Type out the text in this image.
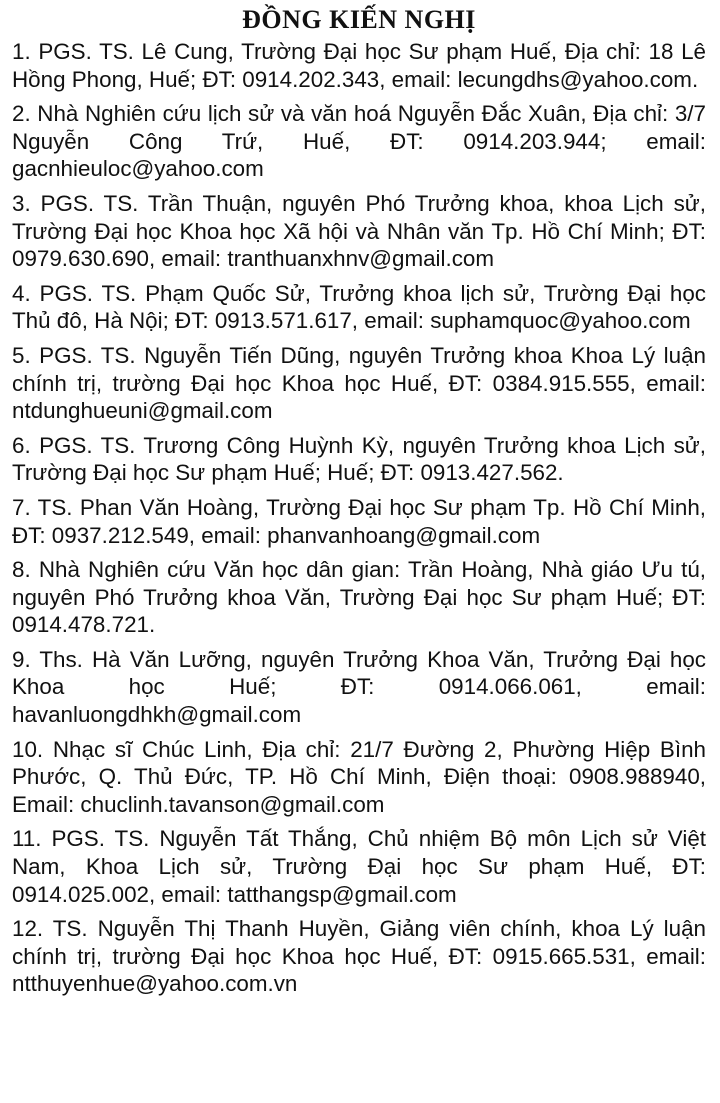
ĐỒNG KIẾN NGHỊ
1. PGS. TS. Lê Cung, Trường Đại học Sư phạm Huế, Địa chỉ: 18 Lê Hồng Phong, Huế; ĐT: 0914.202.343, email: lecungdhs@yahoo.com.
2. Nhà Nghiên cứu lịch sử và văn hoá Nguyễn Đắc Xuân, Địa chỉ: 3/7 Nguyễn Công Trứ, Huế, ĐT: 0914.203.944; email: gacnhieuloc@yahoo.com
3. PGS. TS. Trần Thuận, nguyên Phó Trưởng khoa, khoa Lịch sử, Trường Đại học Khoa học Xã hội và Nhân văn Tp. Hồ Chí Minh; ĐT: 0979.630.690, email: tranthuanxhnv@gmail.com
4. PGS. TS. Phạm Quốc Sử, Trưởng khoa lịch sử, Trường Đại học Thủ đô, Hà Nội; ĐT: 0913.571.617, email: suphamquoc@yahoo.com
5. PGS. TS. Nguyễn Tiến Dũng, nguyên Trưởng khoa Khoa Lý luận chính trị, trường Đại học Khoa học Huế, ĐT: 0384.915.555, email: ntdunghueuni@gmail.com
6. PGS. TS. Trương Công Huỳnh Kỳ, nguyên Trưởng khoa Lịch sử, Trường Đại học Sư phạm Huế; Huế; ĐT: 0913.427.562.
7. TS. Phan Văn Hoàng, Trường Đại học Sư phạm Tp. Hồ Chí Minh, ĐT: 0937.212.549, email: phanvanhoang@gmail.com
8. Nhà Nghiên cứu Văn học dân gian: Trần Hoàng, Nhà giáo Ưu tú, nguyên Phó Trưởng khoa Văn, Trường Đại học Sư phạm Huế; ĐT: 0914.478.721.
9. Ths. Hà Văn Lưỡng, nguyên Trưởng Khoa Văn, Trưởng Đại học Khoa học Huế; ĐT: 0914.066.061, email: havanluongdhkh@gmail.com
10. Nhạc sĩ Chúc Linh, Địa chỉ: 21/7 Đường 2, Phường Hiệp Bình Phước, Q. Thủ Đức, TP. Hồ Chí Minh, Điện thoại: 0908.988940, Email: chuclinh.tavanson@gmail.com
11. PGS. TS. Nguyễn Tất Thắng, Chủ nhiệm Bộ môn Lịch sử Việt Nam, Khoa Lịch sử, Trường Đại học Sư phạm Huế, ĐT: 0914.025.002, email: tatthangsp@gmail.com
12. TS. Nguyễn Thị Thanh Huyền, Giảng viên chính, khoa Lý luận chính trị, trường Đại học Khoa học Huế, ĐT: 0915.665.531, email: ntthuyenhue@yahoo.com.vn
